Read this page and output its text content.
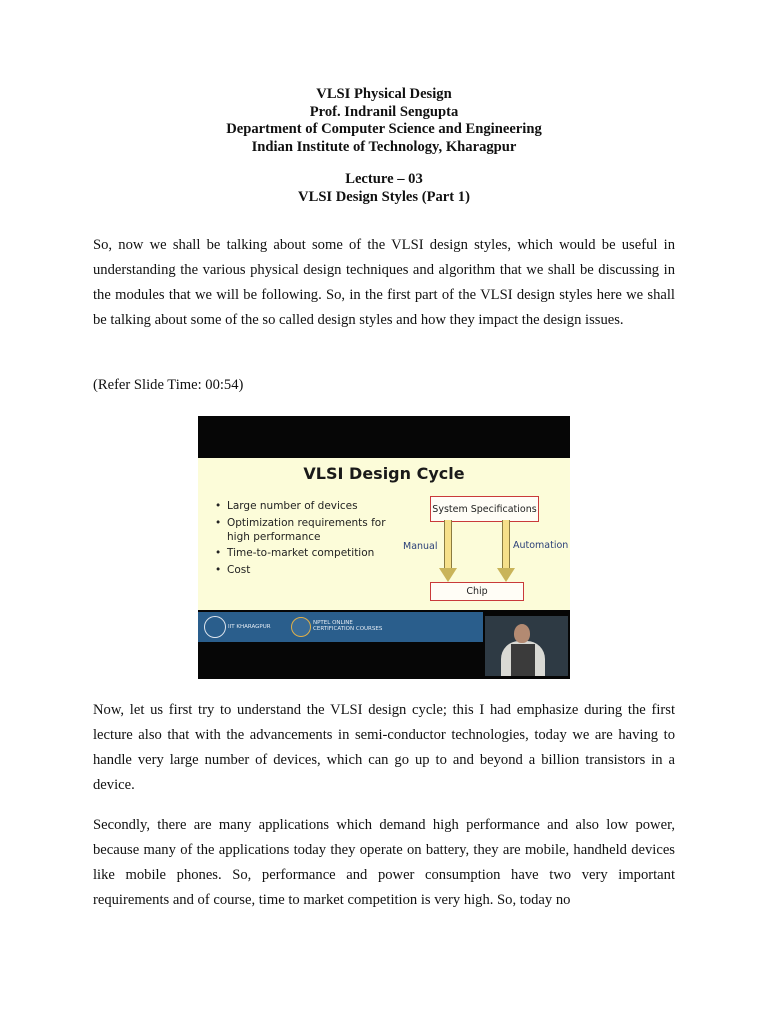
VLSI Physical Design
Prof. Indranil Sengupta
Department of Computer Science and Engineering
Indian Institute of Technology, Kharagpur
Lecture – 03
VLSI Design Styles (Part 1)

So, now we shall be talking about some of the VLSI design styles, which would be useful in understanding the various physical design techniques and algorithm that we shall be discussing in the modules that we will be following. So, in the first part of the VLSI design styles here we shall be talking about some of the so called design styles and how they impact the design issues.

(Refer Slide Time: 00:54)

VLSI Design Cycle
• Large number of devices
• Optimization requirements for high performance
• Time-to-market competition
• Cost
System Specifications
Manual	Automation
Chip
IIT KHARAGPUR
NPTEL ONLINE
CERTIFICATION COURSES

Now, let us first try to understand the VLSI design cycle; this I had emphasize during the first lecture also that with the advancements in semi-conductor technologies, today we are having to handle very large number of devices, which can go up to and beyond a billion transistors in a device.

Secondly, there are many applications which demand high performance and also low power, because many of the applications today they operate on battery, they are mobile, handheld devices like mobile phones. So, performance and power consumption have two very important requirements and of course, time to market competition is very high. So, today no
